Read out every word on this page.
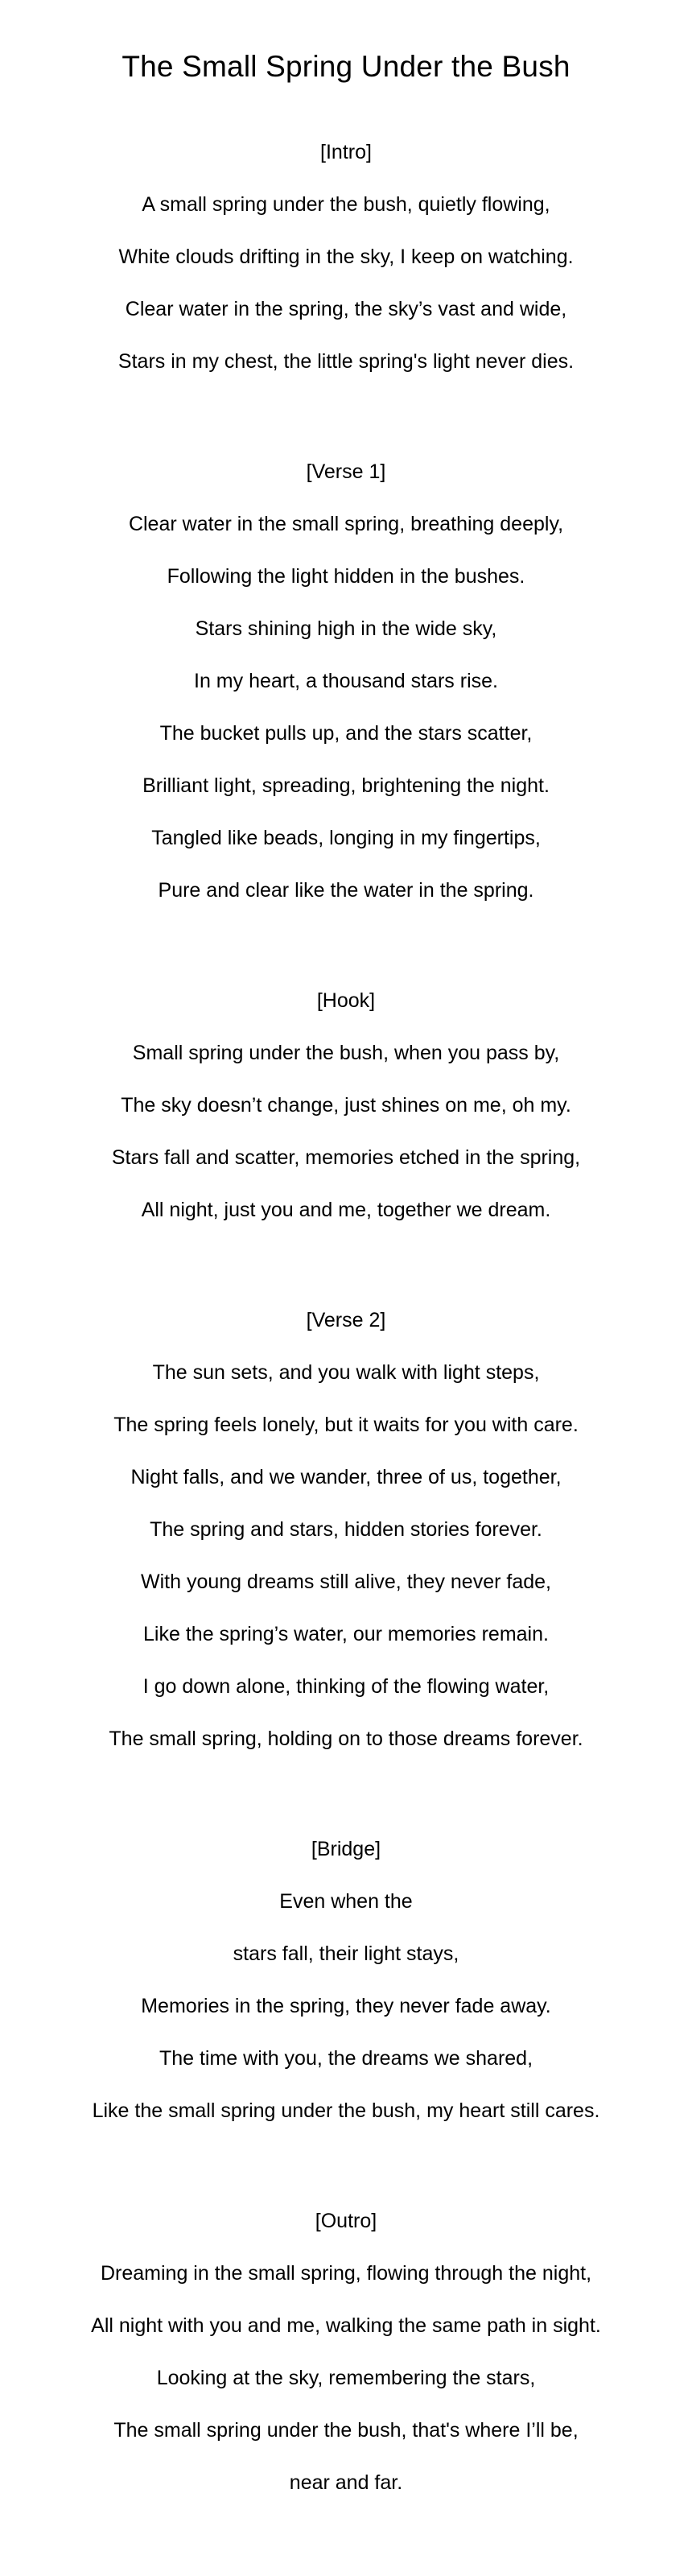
The Small Spring Under the Bush

[Intro]

A small spring under the bush, quietly flowing,

White clouds drifting in the sky, I keep on watching.

Clear water in the spring, the sky’s vast and wide,

Stars in my chest, the little spring's light never dies.

[Verse 1]

Clear water in the small spring, breathing deeply,

Following the light hidden in the bushes.

Stars shining high in the wide sky,

In my heart, a thousand stars rise.

The bucket pulls up, and the stars scatter,

Brilliant light, spreading, brightening the night.

Tangled like beads, longing in my fingertips,

Pure and clear like the water in the spring.

[Hook]

Small spring under the bush, when you pass by,

The sky doesn’t change, just shines on me, oh my.

Stars fall and scatter, memories etched in the spring,

All night, just you and me, together we dream.

[Verse 2]

The sun sets, and you walk with light steps,

The spring feels lonely, but it waits for you with care.

Night falls, and we wander, three of us, together,

The spring and stars, hidden stories forever.

With young dreams still alive, they never fade,

Like the spring’s water, our memories remain.

I go down alone, thinking of the flowing water,

The small spring, holding on to those dreams forever.

[Bridge]

Even when the

stars fall, their light stays,

Memories in the spring, they never fade away.

The time with you, the dreams we shared,

Like the small spring under the bush, my heart still cares.

[Outro]

Dreaming in the small spring, flowing through the night,

All night with you and me, walking the same path in sight.

Looking at the sky, remembering the stars,

The small spring under the bush, that's where I’ll be,

near and far.
